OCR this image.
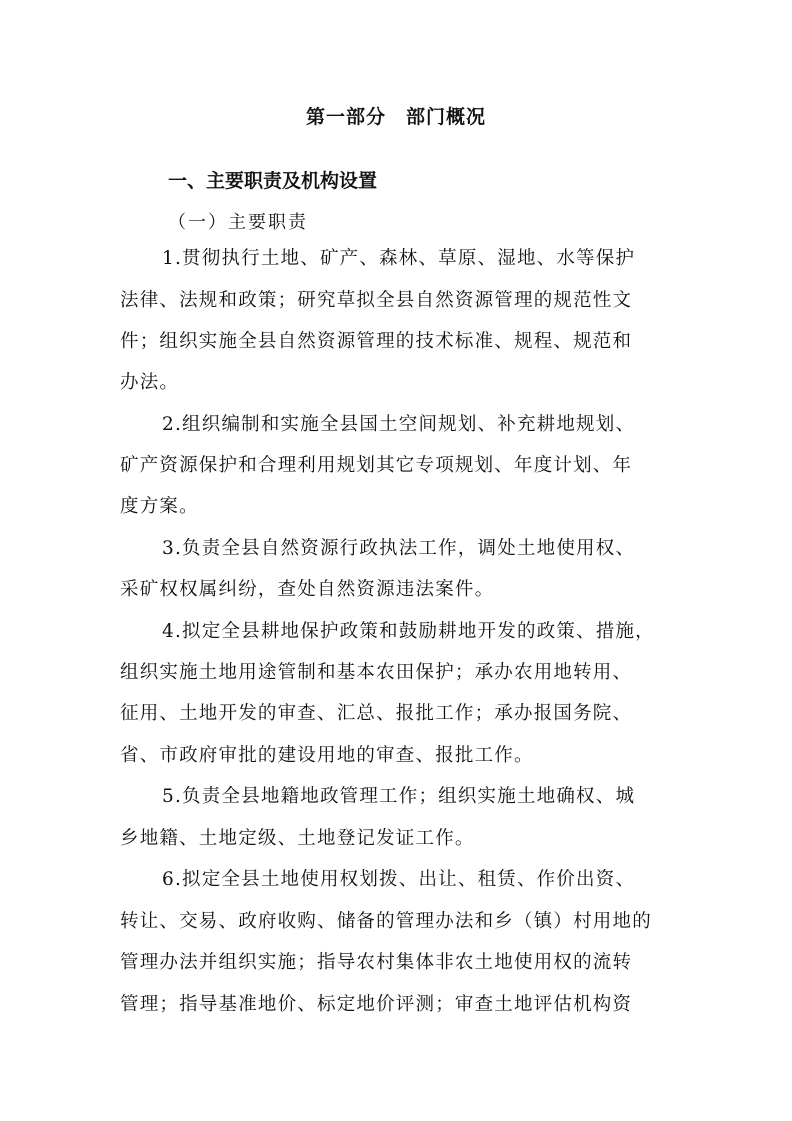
第一部分　部门概况
一、主要职责及机构设置
（一）主要职责
1.贯彻执行土地、矿产、森林、草原、湿地、水等保护
法律、法规和政策；研究草拟全县自然资源管理的规范性文
件；组织实施全县自然资源管理的技术标准、规程、规范和
办法。
2.组织编制和实施全县国土空间规划、补充耕地规划、
矿产资源保护和合理利用规划其它专项规划、年度计划、年
度方案。
3.负责全县自然资源行政执法工作，调处土地使用权、
采矿权权属纠纷，查处自然资源违法案件。
4.拟定全县耕地保护政策和鼓励耕地开发的政策、措施，
组织实施土地用途管制和基本农田保护；承办农用地转用、
征用、土地开发的审查、汇总、报批工作；承办报国务院、
省、市政府审批的建设用地的审查、报批工作。
5.负责全县地籍地政管理工作；组织实施土地确权、城
乡地籍、土地定级、土地登记发证工作。
6.拟定全县土地使用权划拨、出让、租赁、作价出资、
转让、交易、政府收购、储备的管理办法和乡（镇）村用地的
管理办法并组织实施；指导农村集体非农土地使用权的流转
管理；指导基准地价、标定地价评测；审查土地评估机构资
